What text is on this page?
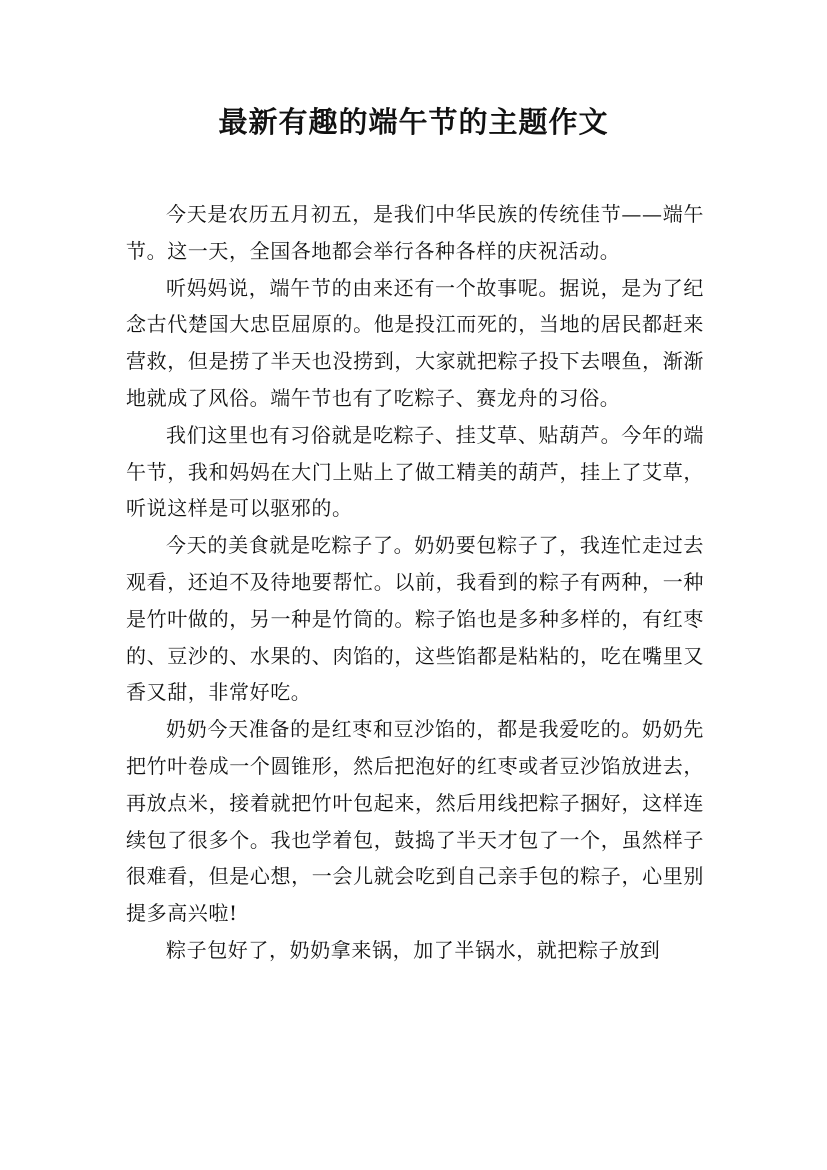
最新有趣的端午节的主题作文

今天是农历五月初五，是我们中华民族的传统佳节——端午节。这一天，全国各地都会举行各种各样的庆祝活动。

听妈妈说，端午节的由来还有一个故事呢。据说，是为了纪念古代楚国大忠臣屈原的。他是投江而死的，当地的居民都赶来营救，但是捞了半天也没捞到，大家就把粽子投下去喂鱼，渐渐地就成了风俗。端午节也有了吃粽子、赛龙舟的习俗。

我们这里也有习俗就是吃粽子、挂艾草、贴葫芦。今年的端午节，我和妈妈在大门上贴上了做工精美的葫芦，挂上了艾草，听说这样是可以驱邪的。

今天的美食就是吃粽子了。奶奶要包粽子了，我连忙走过去观看，还迫不及待地要帮忙。以前，我看到的粽子有两种，一种是竹叶做的，另一种是竹筒的。粽子馅也是多种多样的，有红枣的、豆沙的、水果的、肉馅的，这些馅都是粘粘的，吃在嘴里又香又甜，非常好吃。

奶奶今天准备的是红枣和豆沙馅的，都是我爱吃的。奶奶先把竹叶卷成一个圆锥形，然后把泡好的红枣或者豆沙馅放进去，再放点米，接着就把竹叶包起来，然后用线把粽子捆好，这样连续包了很多个。我也学着包，鼓捣了半天才包了一个，虽然样子很难看，但是心想，一会儿就会吃到自己亲手包的粽子，心里别提多高兴啦!

粽子包好了，奶奶拿来锅，加了半锅水，就把粽子放到
